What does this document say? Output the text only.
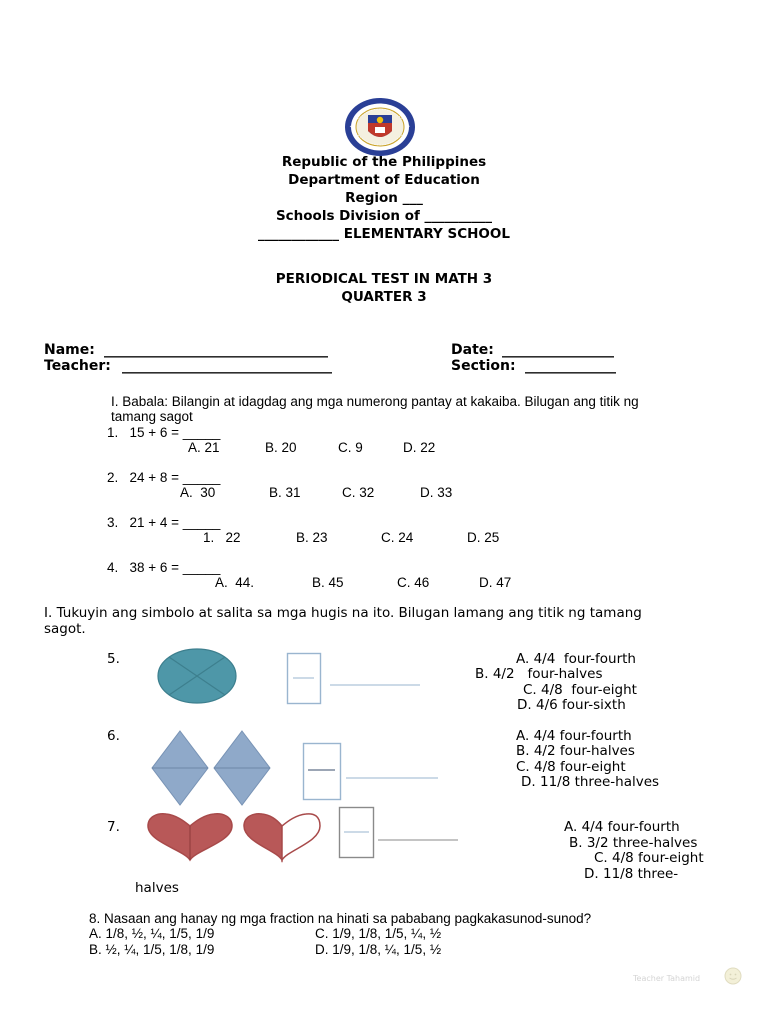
Republic of the Philippines
Department of Education
Region ___
Schools Division of __________
____________ ELEMENTARY SCHOOL
PERIODICAL TEST IN MATH 3
QUARTER 3
Name: ________________________________	Date: ________________
Teacher: ______________________________	Section: _____________
I. Babala: Bilangin at idagdag ang mga numerong pantay at kakaiba. Bilugan ang titik ng
tamang sagot
1.   15 + 6 = _____
A. 21	B. 20	C. 9	D. 22
2.   24 + 8 = _____
A.  30	B. 31	C. 32	D. 33
3.   21 + 4 = _____
1.   22	B. 23	C. 24	D. 25
4.   38 + 6 = _____
A.  44.	B. 45	C. 46	D. 47
I. Tukuyin ang simbolo at salita sa mga hugis na ito. Bilugan lamang ang titik ng tamang
sagot.
5.	A. 4/4  four-fourth
B. 4/2   four-halves
C. 4/8  four-eight
D. 4/6 four-sixth
6.	A. 4/4 four-fourth
B. 4/2 four-halves
C. 4/8 four-eight
D. 11/8 three-halves
7.	A. 4/4 four-fourth
B. 3/2 three-halves
C. 4/8 four-eight
D. 11/8 three-
halves
8. Nasaan ang hanay ng mga fraction na hinati sa pababang pagkakasunod-sunod?
A. 1/8, ½, ¼, 1/5, 1/9	C. 1/9, 1/8, 1/5, ¼, ½
B. ½, ¼, 1/5, 1/8, 1/9	D. 1/9, 1/8, ¼, 1/5, ½
Teacher Tahamid
